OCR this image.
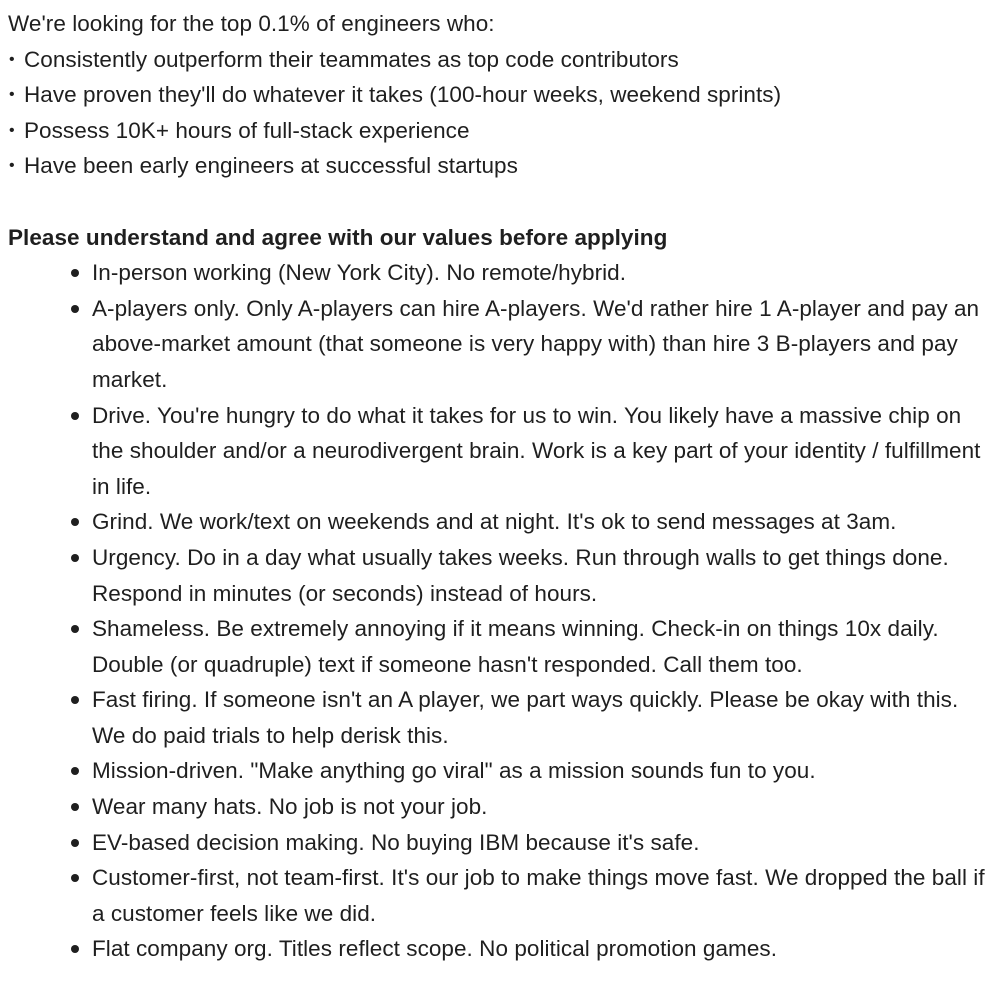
We're looking for the top 0.1% of engineers who:

• Consistently outperform their teammates as top code contributors
• Have proven they'll do whatever it takes (100-hour weeks, weekend sprints)
• Possess 10K+ hours of full-stack experience
• Have been early engineers at successful startups

Please understand and agree with our values before applying

In-person working (New York City). No remote/hybrid.
A-players only. Only A-players can hire A-players. We'd rather hire 1 A-player and pay an above-market amount (that someone is very happy with) than hire 3 B-players and pay market.
Drive. You're hungry to do what it takes for us to win. You likely have a massive chip on the shoulder and/or a neurodivergent brain. Work is a key part of your identity / fulfillment in life.
Grind. We work/text on weekends and at night. It's ok to send messages at 3am.
Urgency. Do in a day what usually takes weeks. Run through walls to get things done. Respond in minutes (or seconds) instead of hours.
Shameless. Be extremely annoying if it means winning. Check-in on things 10x daily. Double (or quadruple) text if someone hasn't responded. Call them too.
Fast firing. If someone isn't an A player, we part ways quickly. Please be okay with this. We do paid trials to help derisk this.
Mission-driven. "Make anything go viral" as a mission sounds fun to you.
Wear many hats. No job is not your job.
EV-based decision making. No buying IBM because it's safe.
Customer-first, not team-first. It's our job to make things move fast. We dropped the ball if a customer feels like we did.
Flat company org. Titles reflect scope. No political promotion games.
